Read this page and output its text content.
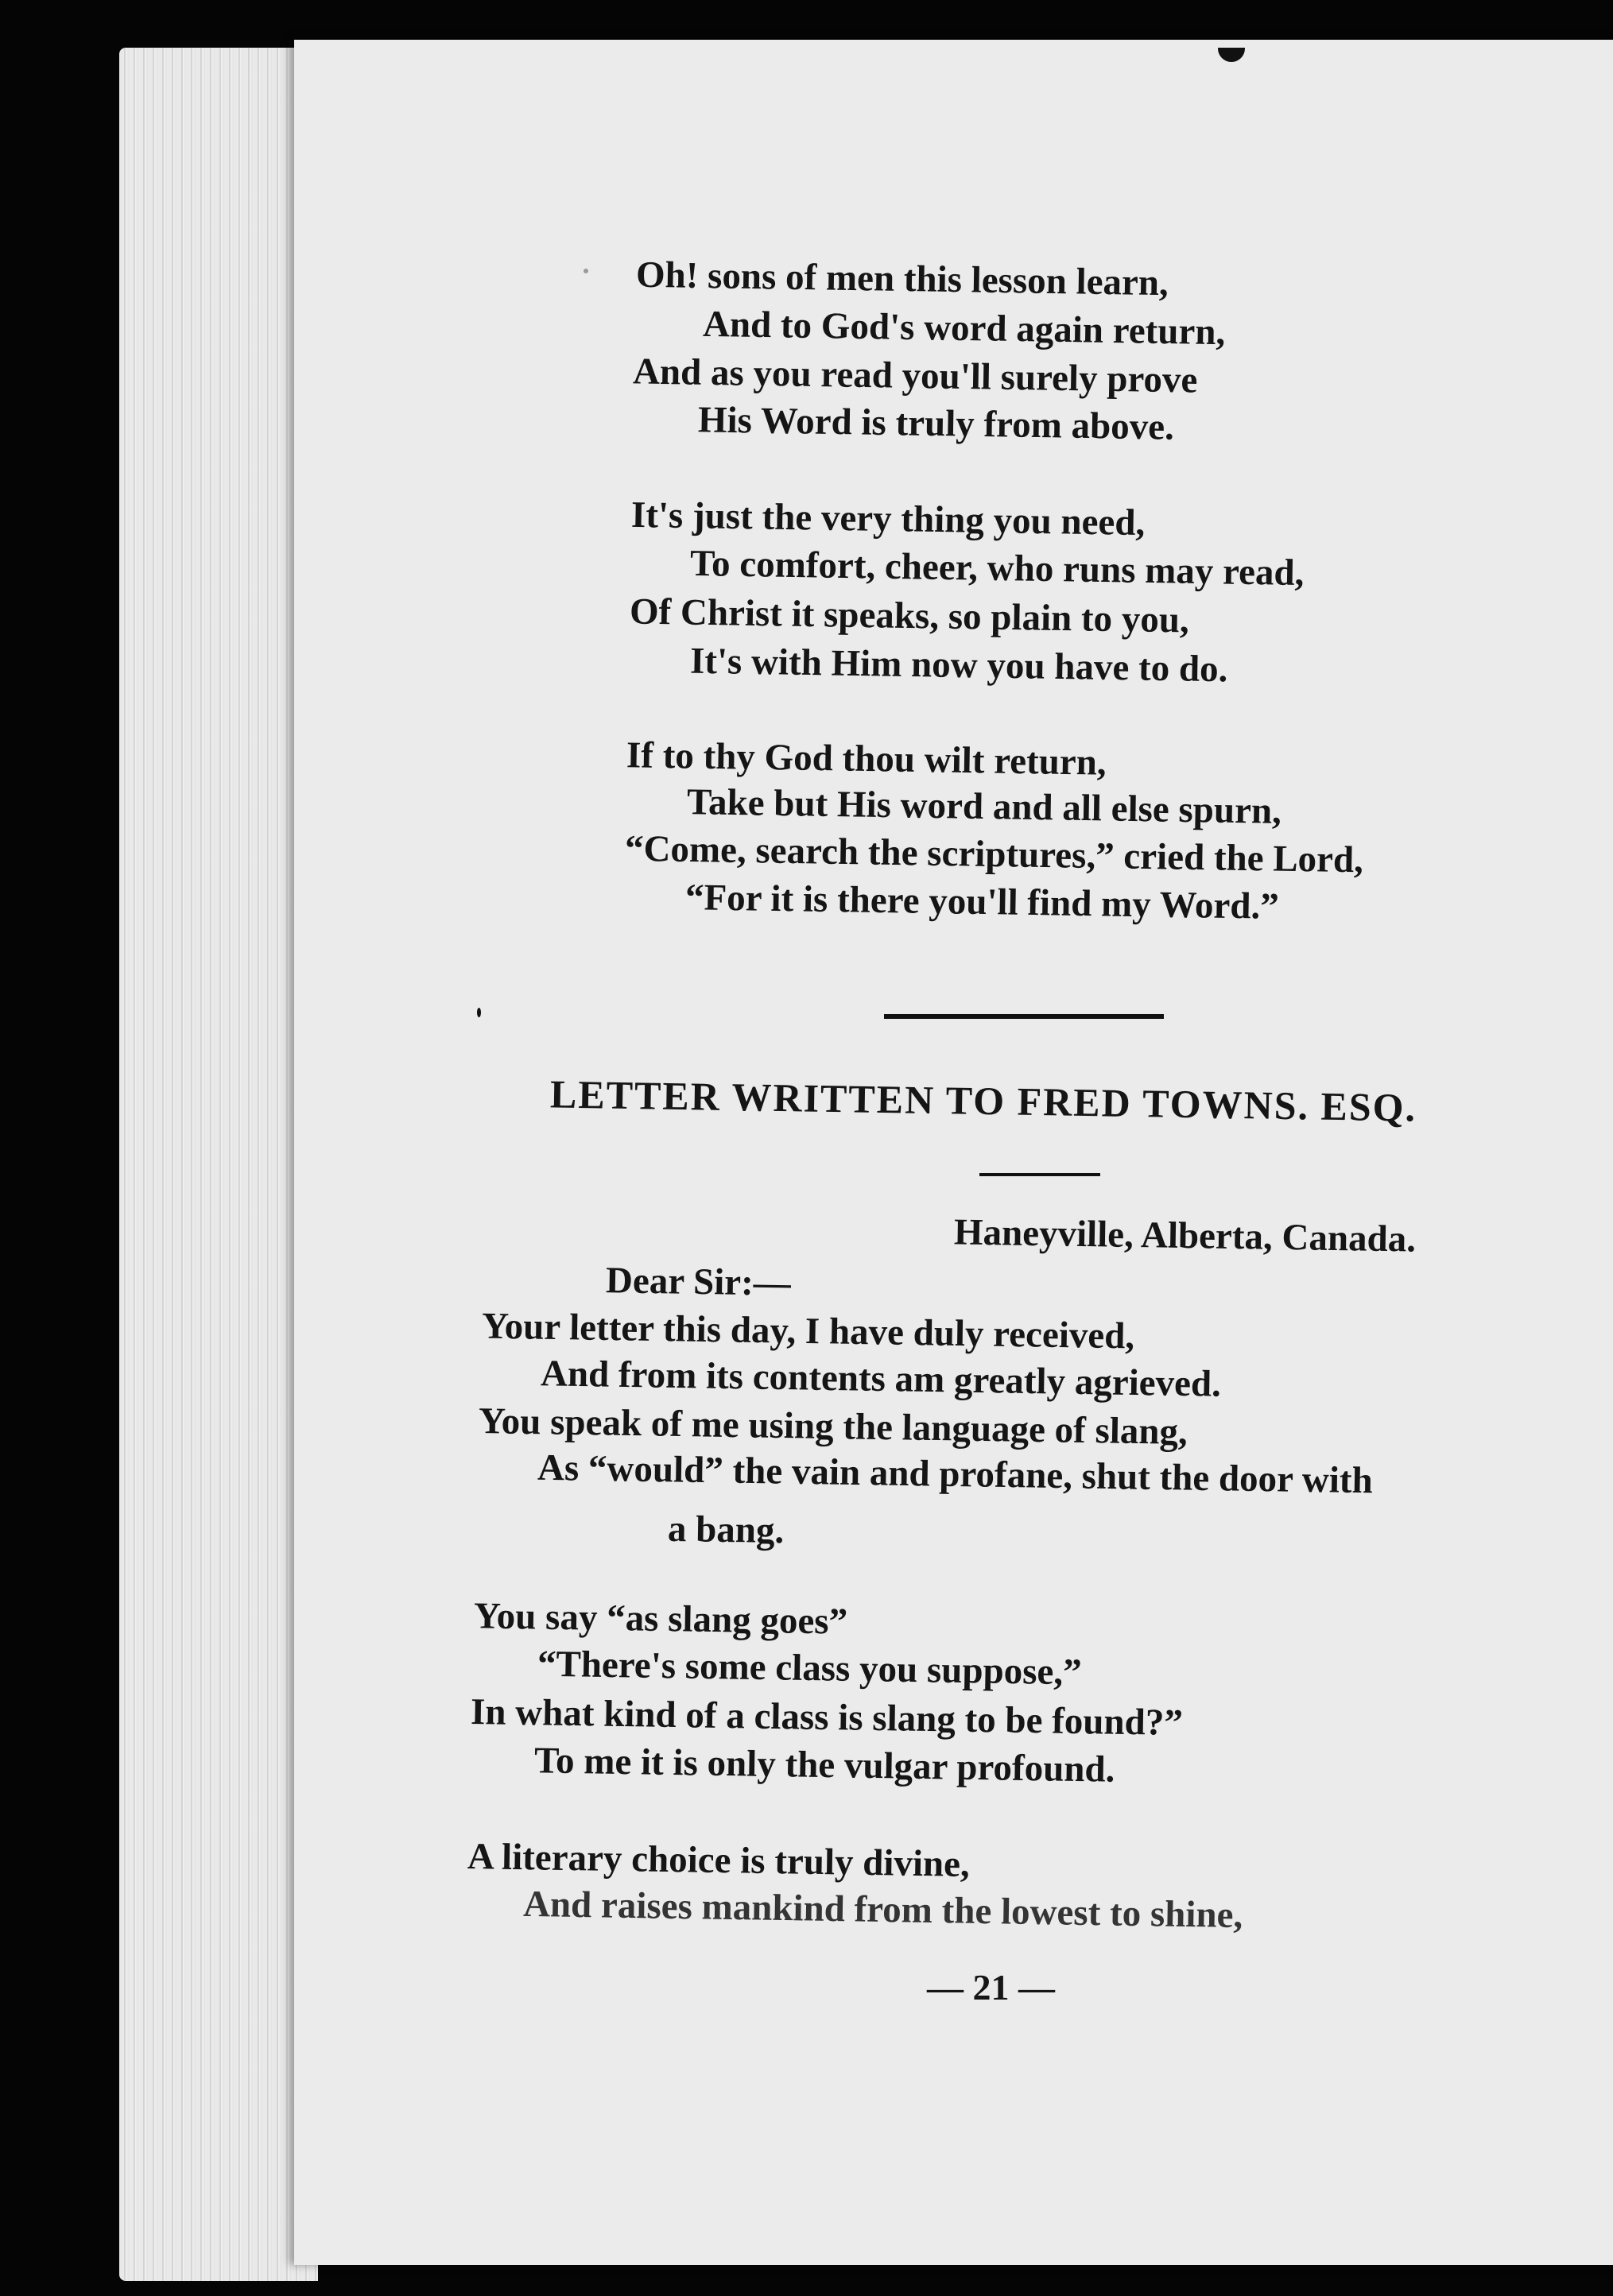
Oh! sons of men this lesson learn,
And to God's word again return,
And as you read you'll surely prove
His Word is truly from above.
It's just the very thing you need,
To comfort, cheer, who runs may read,
Of Christ it speaks, so plain to you,
It's with Him now you have to do.
If to thy God thou wilt return,
Take but His word and all else spurn,
“Come, search the scriptures,” cried the Lord,
“For it is there you'll find my Word.”
LETTER WRITTEN TO FRED TOWNS. ESQ.
Haneyville, Alberta, Canada.
Dear Sir:—
Your letter this day, I have duly received,
And from its contents am greatly agrieved.
You speak of me using the language of slang,
As “would” the vain and profane, shut the door with
a bang.
You say “as slang goes”
“There's some class you suppose,”
In what kind of a class is slang to be found?”
To me it is only the vulgar profound.
A literary choice is truly divine,
And raises mankind from the lowest to shine,
— 21 —
